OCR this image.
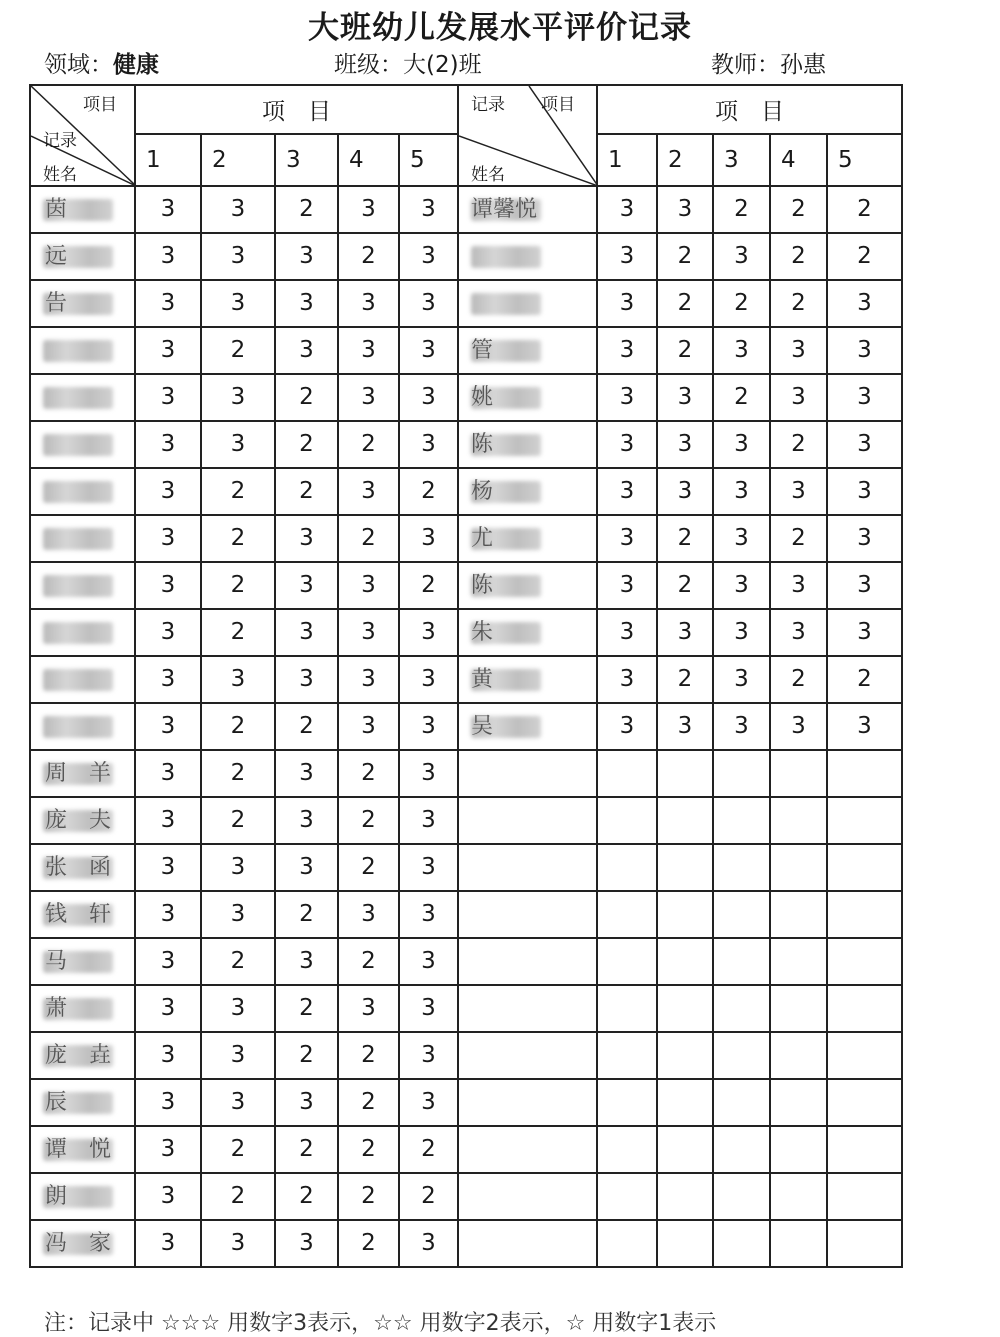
大班幼儿发展水平评价记录
领域：健康	班级：大(2)班	教师：孙惠
项目
记录
姓名	项　目					记录 项目
姓名	项　目				
	1	2	3	4	5		1	2	3	4	5

茵	3	3	2	3	3	谭馨悦	3	3	2	2	2

远	3	3	3	2	3		3	2	3	2	2

告	3	3	3	3	3		3	2	2	2	3

	3	2	3	3	3	管	3	2	3	3	3

	3	3	2	3	3	姚	3	3	2	3	3

	3	3	2	2	3	陈	3	3	3	2	3

	3	2	2	3	2	杨	3	3	3	3	3

	3	2	3	2	3	尤	3	2	3	2	3

	3	2	3	3	2	陈	3	2	3	3	3

	3	2	3	3	3	朱	3	3	3	3	3

	3	3	3	3	3	黄	3	2	3	2	2

	3	2	2	3	3	吴	3	3	3	3	3

周　羊	3	2	3	2	3						

庞　夫	3	2	3	2	3						

张　函	3	3	3	2	3						

钱　轩	3	3	2	3	3						

马	3	2	3	2	3						

萧	3	3	2	3	3						

庞　垚	3	3	2	2	3						

辰	3	3	3	2	3						

谭　悦	3	2	2	2	2						

朗	3	2	2	2	2						

冯　家	3	3	3	2	3						
注：记录中 ☆☆☆ 用数字3表示，☆☆ 用数字2表示，☆ 用数字1表示
